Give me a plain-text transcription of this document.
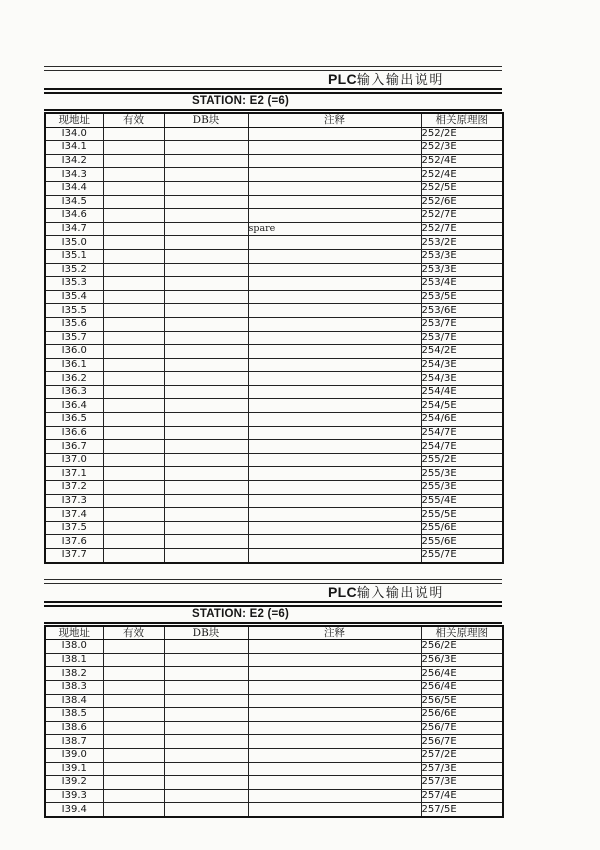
PLC输入输出说明
STATION: E2 (=6)
现地址	有效	DB块	注释	相关原理图
I34.0				252/2E
I34.1				252/3E
I34.2				252/4E
I34.3				252/4E
I34.4				252/5E
I34.5				252/6E
I34.6				252/7E
I34.7			spare	252/7E
I35.0				253/2E
I35.1				253/3E
I35.2				253/3E
I35.3				253/4E
I35.4				253/5E
I35.5				253/6E
I35.6				253/7E
I35.7				253/7E
I36.0				254/2E
I36.1				254/3E
I36.2				254/3E
I36.3				254/4E
I36.4				254/5E
I36.5				254/6E
I36.6				254/7E
I36.7				254/7E
I37.0				255/2E
I37.1				255/3E
I37.2				255/3E
I37.3				255/4E
I37.4				255/5E
I37.5				255/6E
I37.6				255/6E
I37.7				255/7E
PLC输入输出说明
STATION: E2 (=6)
现地址	有效	DB块	注释	相关原理图
I38.0				256/2E
I38.1				256/3E
I38.2				256/4E
I38.3				256/4E
I38.4				256/5E
I38.5				256/6E
I38.6				256/7E
I38.7				256/7E
I39.0				257/2E
I39.1				257/3E
I39.2				257/3E
I39.3				257/4E
I39.4				257/5E
